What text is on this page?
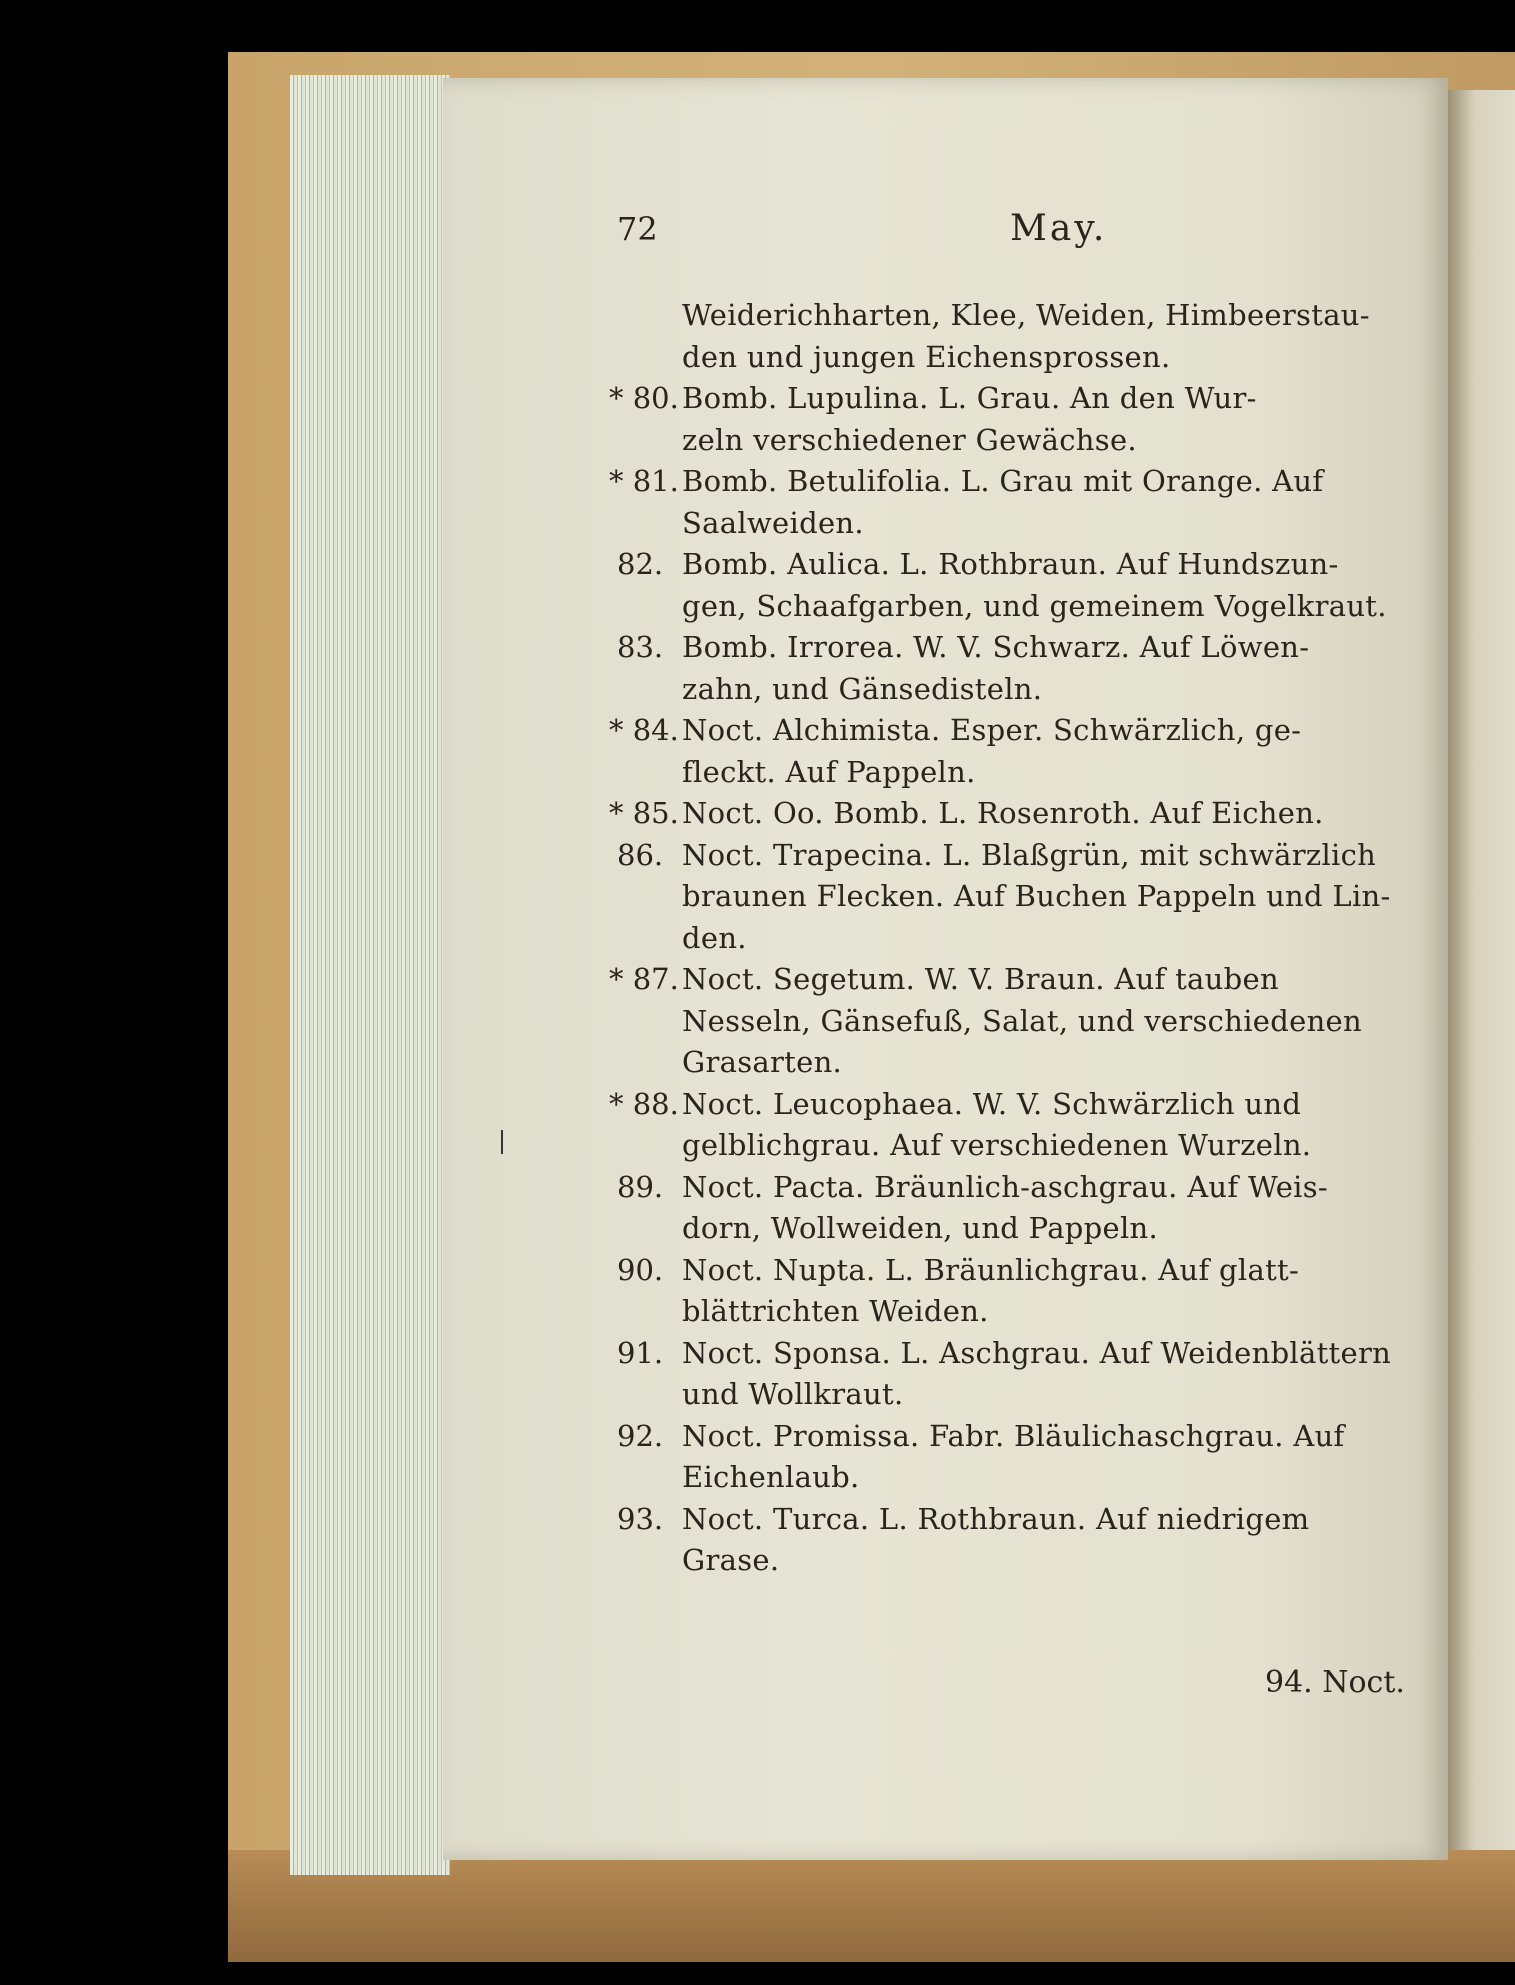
72	May.
Weiderichharten, Klee, Weiden, Himbeerstau-
den und jungen Eichensprossen.
* 80. Bomb. Lupulina. L. Grau. An den Wur-
zeln verschiedener Gewächse.
* 81. Bomb. Betulifolia. L. Grau mit Orange. Auf
Saalweiden.
82. Bomb. Aulica. L. Rothbraun. Auf Hundszun-
gen, Schaafgarben, und gemeinem Vogelkraut.
83. Bomb. Irrorea. W. V. Schwarz. Auf Löwen-
zahn, und Gänsedisteln.
* 84. Noct. Alchimista. Esper. Schwärzlich, ge-
fleckt. Auf Pappeln.
* 85. Noct. Oo. Bomb. L. Rosenroth. Auf Eichen.
86. Noct. Trapecina. L. Blaßgrün, mit schwärzlich
braunen Flecken. Auf Buchen Pappeln und Lin-
den.
* 87. Noct. Segetum. W. V. Braun. Auf tauben
Nesseln, Gänsefuß, Salat, und verschiedenen
Grasarten.
* 88. Noct. Leucophaea. W. V. Schwärzlich und
gelblichgrau. Auf verschiedenen Wurzeln.
89. Noct. Pacta. Bräunlich-aschgrau. Auf Weis-
dorn, Wollweiden, und Pappeln.
90. Noct. Nupta. L. Bräunlichgrau. Auf glatt-
blättrichten Weiden.
91. Noct. Sponsa. L. Aschgrau. Auf Weidenblättern
und Wollkraut.
92. Noct. Promissa. Fabr. Bläulichaschgrau. Auf
Eichenlaub.
93. Noct. Turca. L. Rothbraun. Auf niedrigem
Grase.
94. Noct.
